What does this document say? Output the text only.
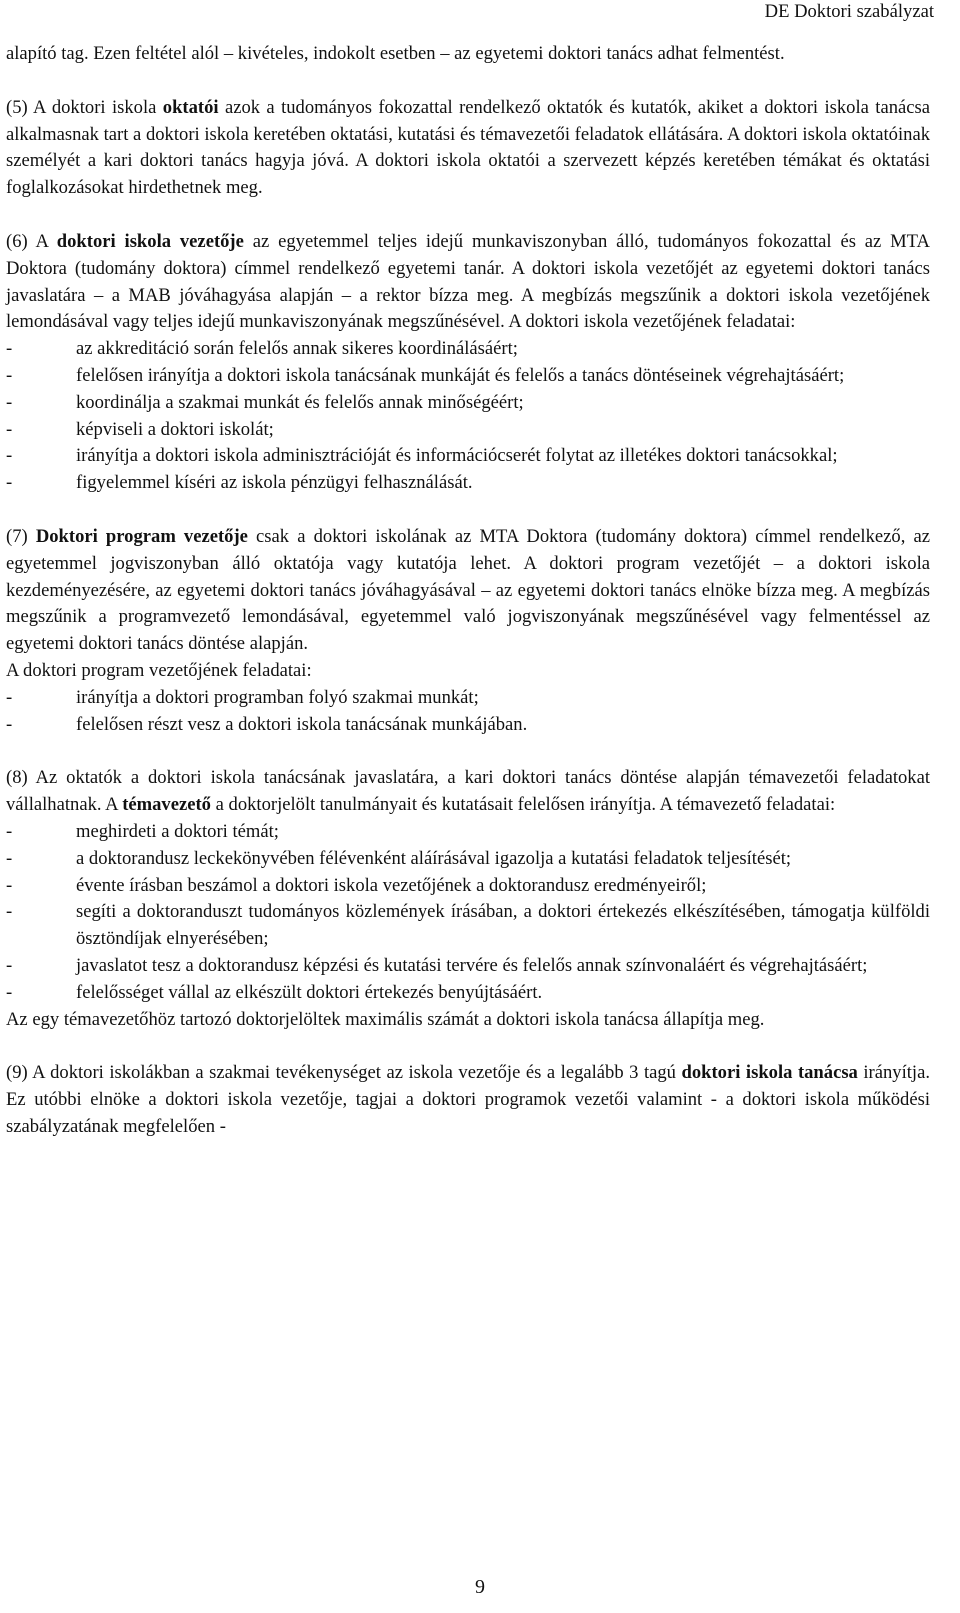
DE Doktori szabályzat

alapító tag. Ezen feltétel alól – kivételes, indokolt esetben – az egyetemi doktori tanács adhat felmentést.

(5) A doktori iskola oktatói azok a tudományos fokozattal rendelkező oktatók és kutatók, akiket a doktori iskola tanácsa alkalmasnak tart a doktori iskola keretében oktatási, kutatási és témavezetői feladatok ellátására. A doktori iskola oktatóinak személyét a kari doktori tanács hagyja jóvá. A doktori iskola oktatói a szervezett képzés keretében témákat és oktatási foglalkozásokat hirdethetnek meg.

(6) A doktori iskola vezetője az egyetemmel teljes idejű munkaviszonyban álló, tudományos fokozattal és az MTA Doktora (tudomány doktora) címmel rendelkező egyetemi tanár. A doktori iskola vezetőjét az egyetemi doktori tanács javaslatára – a MAB jóváhagyása alapján – a rektor bízza meg. A megbízás megszűnik a doktori iskola vezetőjének lemondásával vagy teljes idejű munkaviszonyának megszűnésével. A doktori iskola vezetőjének feladatai:

-	az akkreditáció során felelős annak sikeres koordinálásáért;
-	felelősen irányítja a doktori iskola tanácsának munkáját és felelős a tanács döntéseinek végrehajtásáért;
-	koordinálja a szakmai munkát és felelős annak minőségéért;
-	képviseli a doktori iskolát;
-	irányítja a doktori iskola adminisztrációját és információcserét folytat az illetékes doktori tanácsokkal;
-	figyelemmel kíséri az iskola pénzügyi felhasználását.

(7) Doktori program vezetője csak a doktori iskolának az MTA Doktora (tudomány doktora) címmel rendelkező, az egyetemmel jogviszonyban álló oktatója vagy kutatója lehet. A doktori program vezetőjét – a doktori iskola kezdeményezésére, az egyetemi doktori tanács jóváhagyásával – az egyetemi doktori tanács elnöke bízza meg. A megbízás megszűnik a programvezető lemondásával, egyetemmel való jogviszonyának megszűnésével vagy felmentéssel az egyetemi doktori tanács döntése alapján.

A doktori program vezetőjének feladatai:

-	irányítja a doktori programban folyó szakmai munkát;
-	felelősen részt vesz a doktori iskola tanácsának munkájában.

(8) Az oktatók a doktori iskola tanácsának javaslatára, a kari doktori tanács döntése alapján témavezetői feladatokat vállalhatnak. A témavezető a doktorjelölt tanulmányait és kutatásait felelősen irányítja. A témavezető feladatai:

-	meghirdeti a doktori témát;
-	a doktorandusz leckekönyvében félévenként aláírásával igazolja a kutatási feladatok teljesítését;
-	évente írásban beszámol a doktori iskola vezetőjének a doktorandusz eredményeiről;
-	segíti a doktoranduszt tudományos közlemények írásában, a doktori értekezés elkészítésében, támogatja külföldi ösztöndíjak elnyerésében;
-	javaslatot tesz a doktorandusz képzési és kutatási tervére és felelős annak színvonaláért és végrehajtásáért;
-	felelősséget vállal az elkészült doktori értekezés benyújtásáért.

Az egy témavezetőhöz tartozó doktorjelöltek maximális számát a doktori iskola tanácsa állapítja meg.

(9) A doktori iskolákban a szakmai tevékenységet az iskola vezetője és a legalább 3 tagú doktori iskola tanácsa irányítja. Ez utóbbi elnöke a doktori iskola vezetője, tagjai a doktori programok vezetői valamint - a doktori iskola működési szabályzatának megfelelően -

9
